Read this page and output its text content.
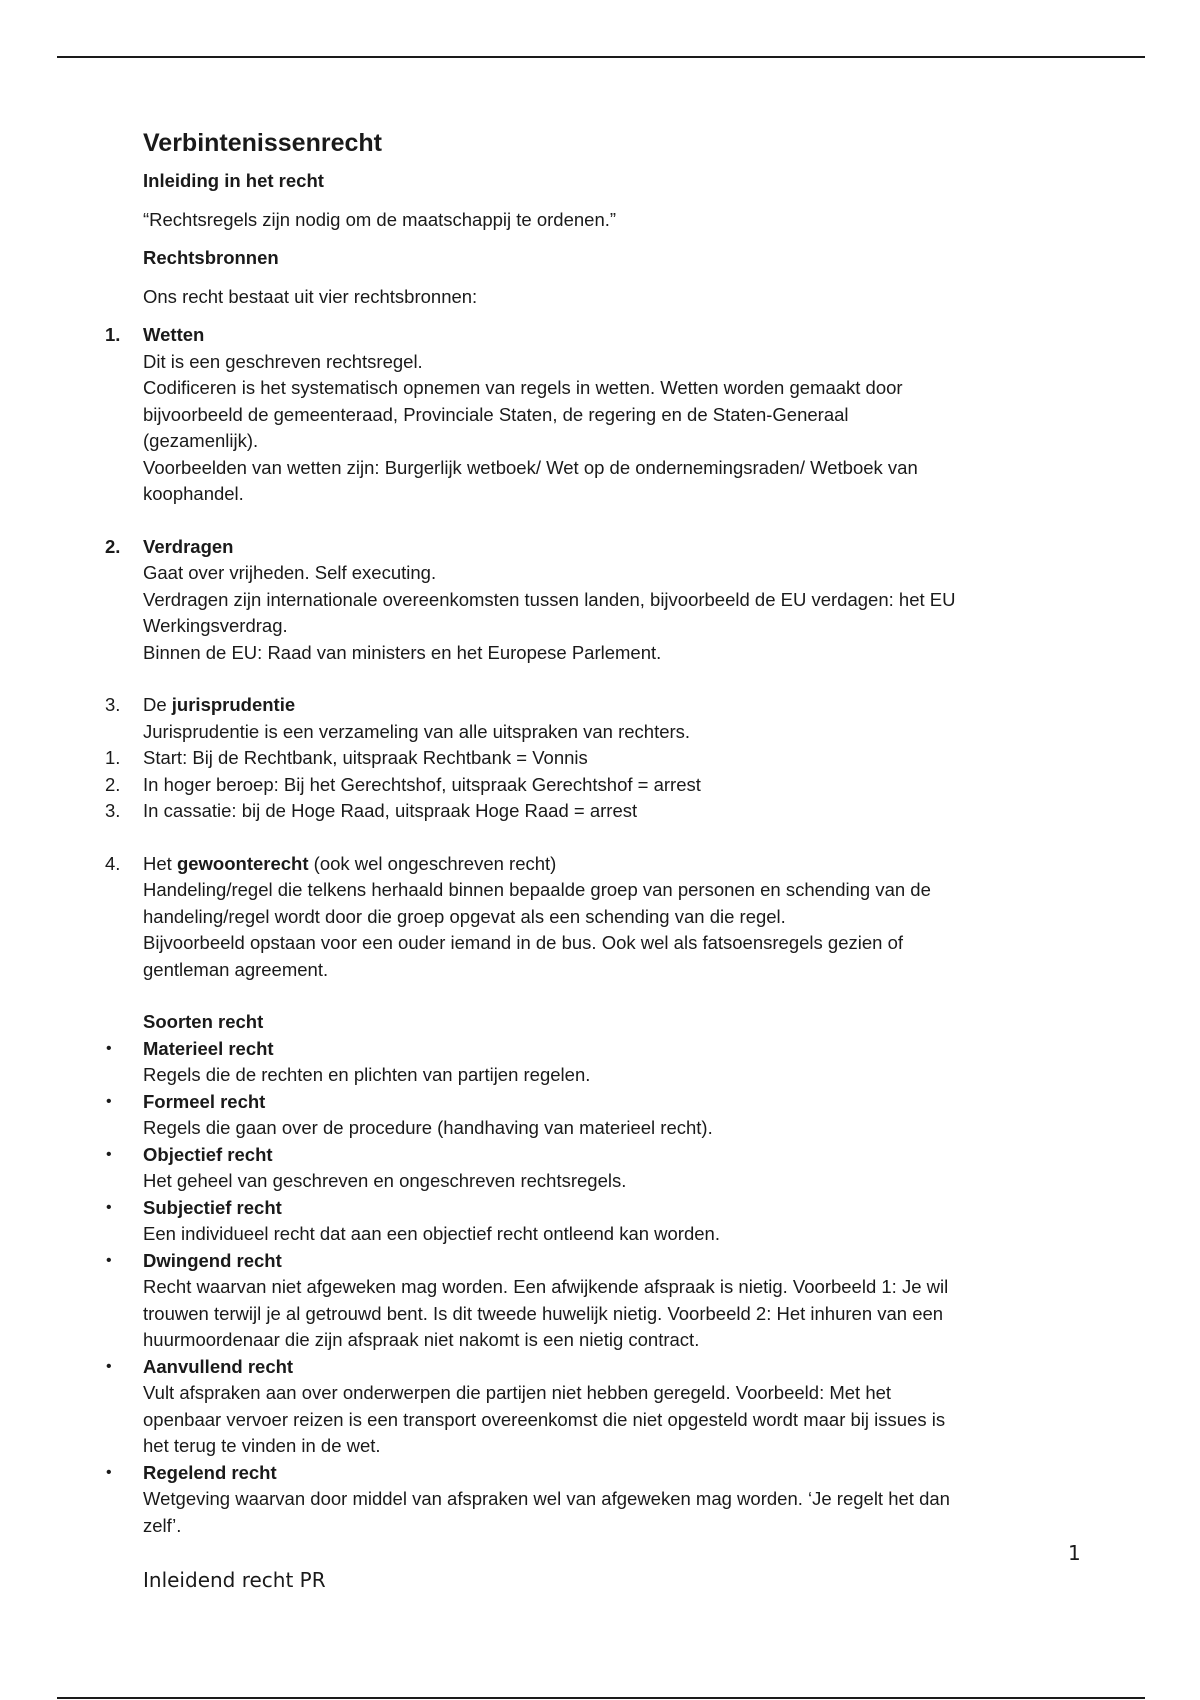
Verbintenissenrecht
Inleiding in het recht

“Rechtsregels zijn nodig om de maatschappij te ordenen.”

Rechtsbronnen

Ons recht bestaat uit vier rechtsbronnen:

1.	Wetten
Dit is een geschreven rechtsregel.
Codificeren is het systematisch opnemen van regels in wetten. Wetten worden gemaakt door
bijvoorbeeld de gemeenteraad, Provinciale Staten, de regering en de Staten-Generaal
(gezamenlijk).
Voorbeelden van wetten zijn: Burgerlijk wetboek/ Wet op de ondernemingsraden/ Wetboek van
koophandel.
2.	Verdragen
Gaat over vrijheden. Self executing.
Verdragen zijn internationale overeenkomsten tussen landen, bijvoorbeeld de EU verdagen: het EU
Werkingsverdrag.
Binnen de EU: Raad van ministers en het Europese Parlement.
3.	De jurisprudentie
Jurisprudentie is een verzameling van alle uitspraken van rechters.
1.	Start: Bij de Rechtbank, uitspraak Rechtbank = Vonnis
2.	In hoger beroep: Bij het Gerechtshof, uitspraak Gerechtshof = arrest
3.	In cassatie: bij de Hoge Raad, uitspraak Hoge Raad = arrest
4.	Het gewoonterecht (ook wel ongeschreven recht)
Handeling/regel die telkens herhaald binnen bepaalde groep van personen en schending van de
handeling/regel wordt door die groep opgevat als een schending van die regel.
Bijvoorbeeld opstaan voor een ouder iemand in de bus. Ook wel als fatsoensregels gezien of
gentleman agreement.
Soorten recht
• Materieel recht
Regels die de rechten en plichten van partijen regelen.
• Formeel recht
Regels die gaan over de procedure (handhaving van materieel recht).
• Objectief recht
Het geheel van geschreven en ongeschreven rechtsregels.
• Subjectief recht
Een individueel recht dat aan een objectief recht ontleend kan worden.
• Dwingend recht
Recht waarvan niet afgeweken mag worden. Een afwijkende afspraak is nietig. Voorbeeld 1: Je wil
trouwen terwijl je al getrouwd bent. Is dit tweede huwelijk nietig. Voorbeeld 2: Het inhuren van een
huurmoordenaar die zijn afspraak niet nakomt is een nietig contract.
• Aanvullend recht
Vult afspraken aan over onderwerpen die partijen niet hebben geregeld. Voorbeeld: Met het
openbaar vervoer reizen is een transport overeenkomst die niet opgesteld wordt maar bij issues is
het terug te vinden in de wet.
• Regelend recht
Wetgeving waarvan door middel van afspraken wel van afgeweken mag worden. ‘Je regelt het dan
zelf’.
1
Inleidend recht PR
